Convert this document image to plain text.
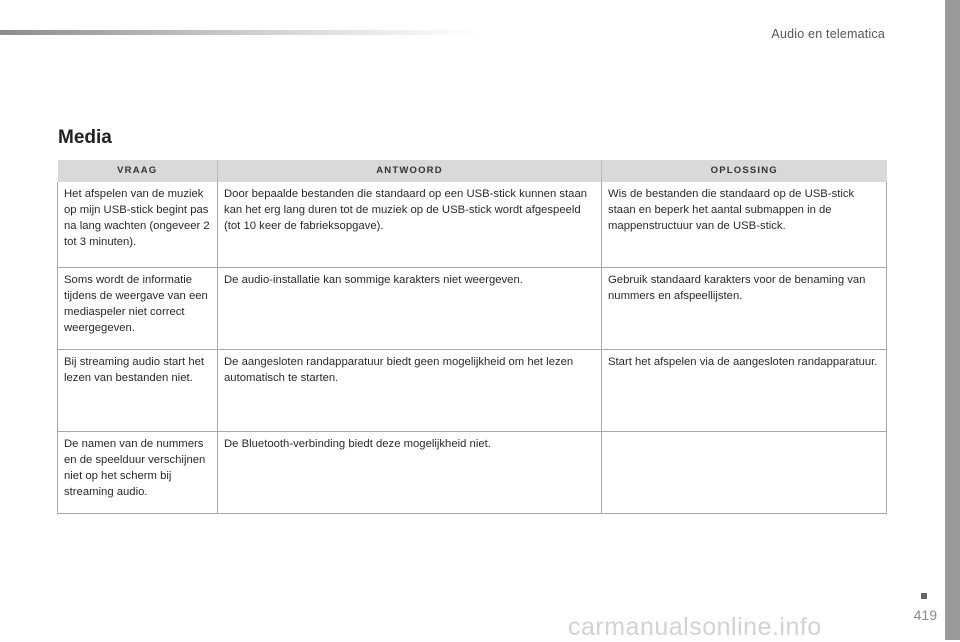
Audio en telematica
Media
VRAAG	ANTWOORD	OPLOSSING
Het afspelen van de muziek op mijn USB-stick begint pas na lang wachten (ongeveer 2 tot 3 minuten).	Door bepaalde bestanden die standaard op een USB-stick kunnen staan kan het erg lang duren tot de muziek op de USB-stick wordt afgespeeld (tot 10 keer de fabrieksopgave).	Wis de bestanden die standaard op de USB-stick staan en beperk het aantal submappen in de mappenstructuur van de USB-stick.
Soms wordt de informatie tijdens de weergave van een mediaspeler niet correct weergegeven.	De audio-installatie kan sommige karakters niet weergeven.	Gebruik standaard karakters voor de benaming van nummers en afspeellijsten.
Bij streaming audio start het lezen van bestanden niet.	De aangesloten randapparatuur biedt geen mogelijkheid om het lezen automatisch te starten.	Start het afspelen via de aangesloten randapparatuur.
De namen van de nummers en de speelduur verschijnen niet op het scherm bij streaming audio.	De Bluetooth-verbinding biedt deze mogelijkheid niet.	
419
carmanualsonline.info
